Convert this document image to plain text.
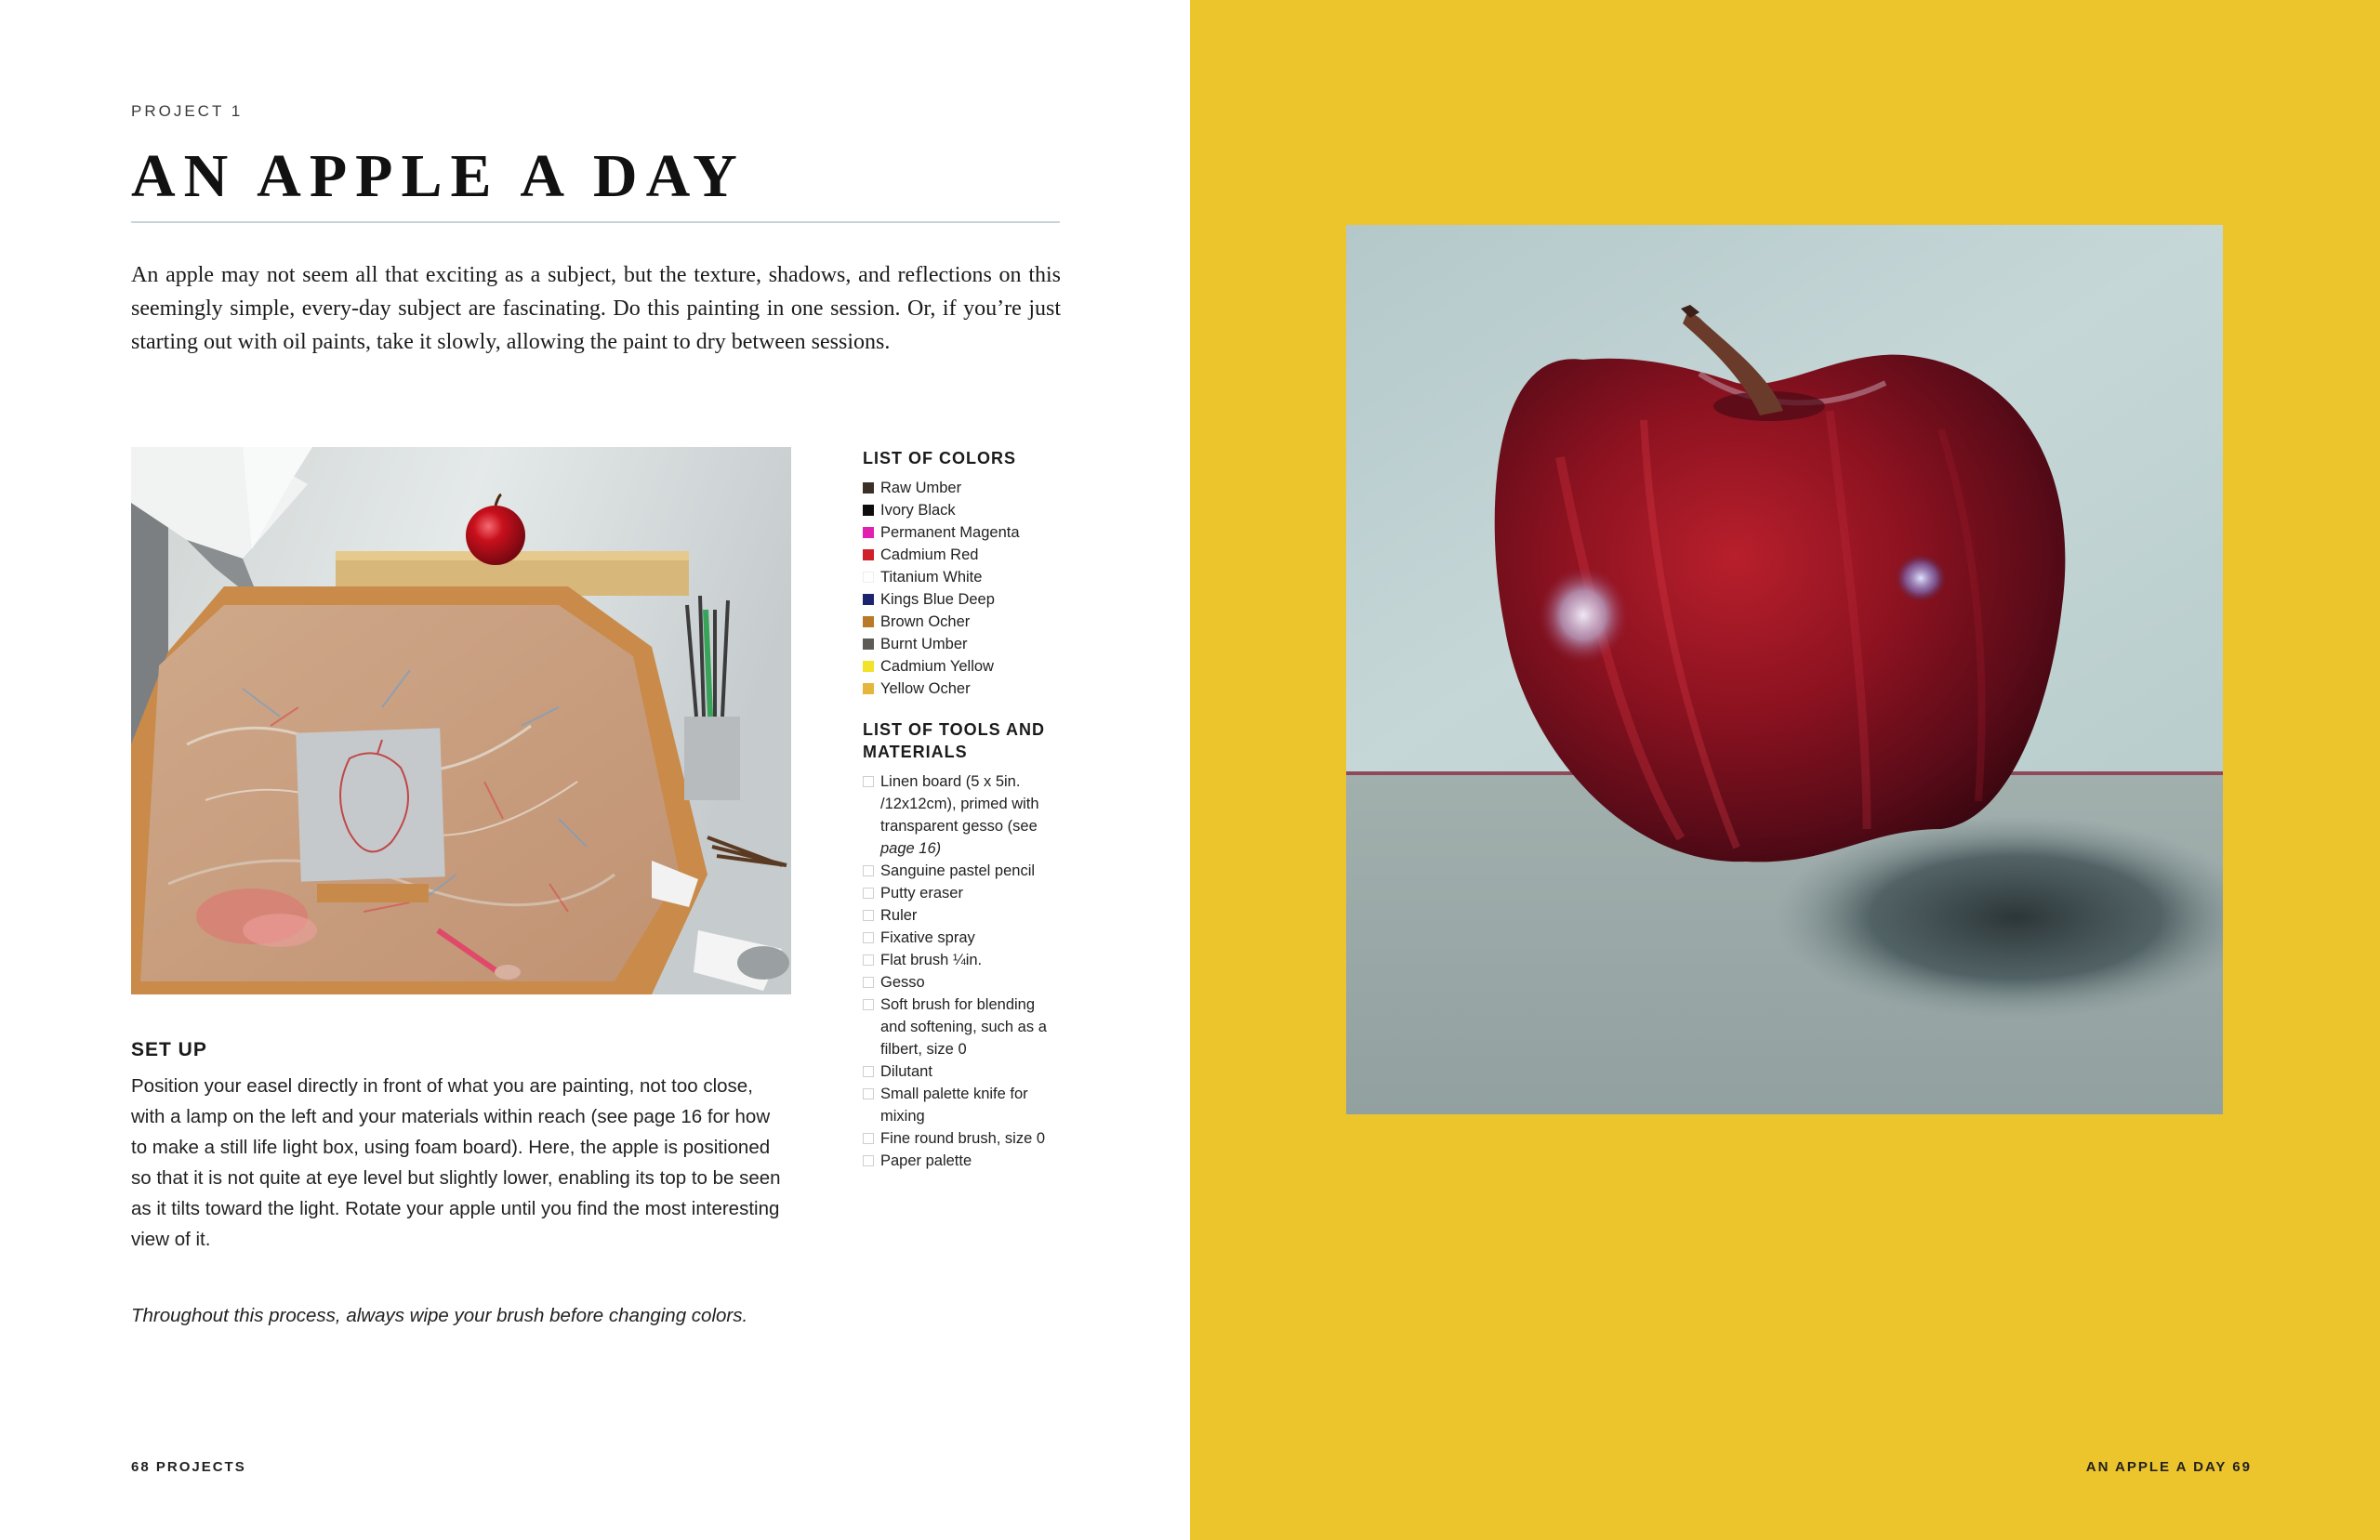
PROJECT 1
AN APPLE A DAY

An apple may not seem all that exciting as a subject, but the texture, shadows, and reflections on this seemingly simple, every-day subject are fascinating. Do this painting in one session. Or, if you’re just starting out with oil paints, take it slowly, allowing the paint to dry between sessions.

LIST OF COLORS
Raw Umber
Ivory Black
Permanent Magenta
Cadmium Red
Titanium White
Kings Blue Deep
Brown Ocher
Burnt Umber
Cadmium Yellow
Yellow Ocher
LIST OF TOOLS AND
MATERIALS
Linen board (5 x 5in.
/12x12cm), primed with
transparent gesso (see
page 16)
Sanguine pastel pencil
Putty eraser
Ruler
Fixative spray
Flat brush ¼in.
Gesso
Soft brush for blending
and softening, such as a
filbert, size 0
Dilutant
Small palette knife for
mixing
Fine round brush, size 0
Paper palette
SET UP

Position your easel directly in front of what you are painting, not too close, with a lamp on the left and your materials within reach (see page 16 for how to make a still life light box, using foam board). Here, the apple is positioned so that it is not quite at eye level but slightly lower, enabling its top to be seen as it tilts toward the light. Rotate your apple until you find the most interesting view of it.

Throughout this process, always wipe your brush before changing colors.

68 PROJECTS	AN APPLE A DAY 69
